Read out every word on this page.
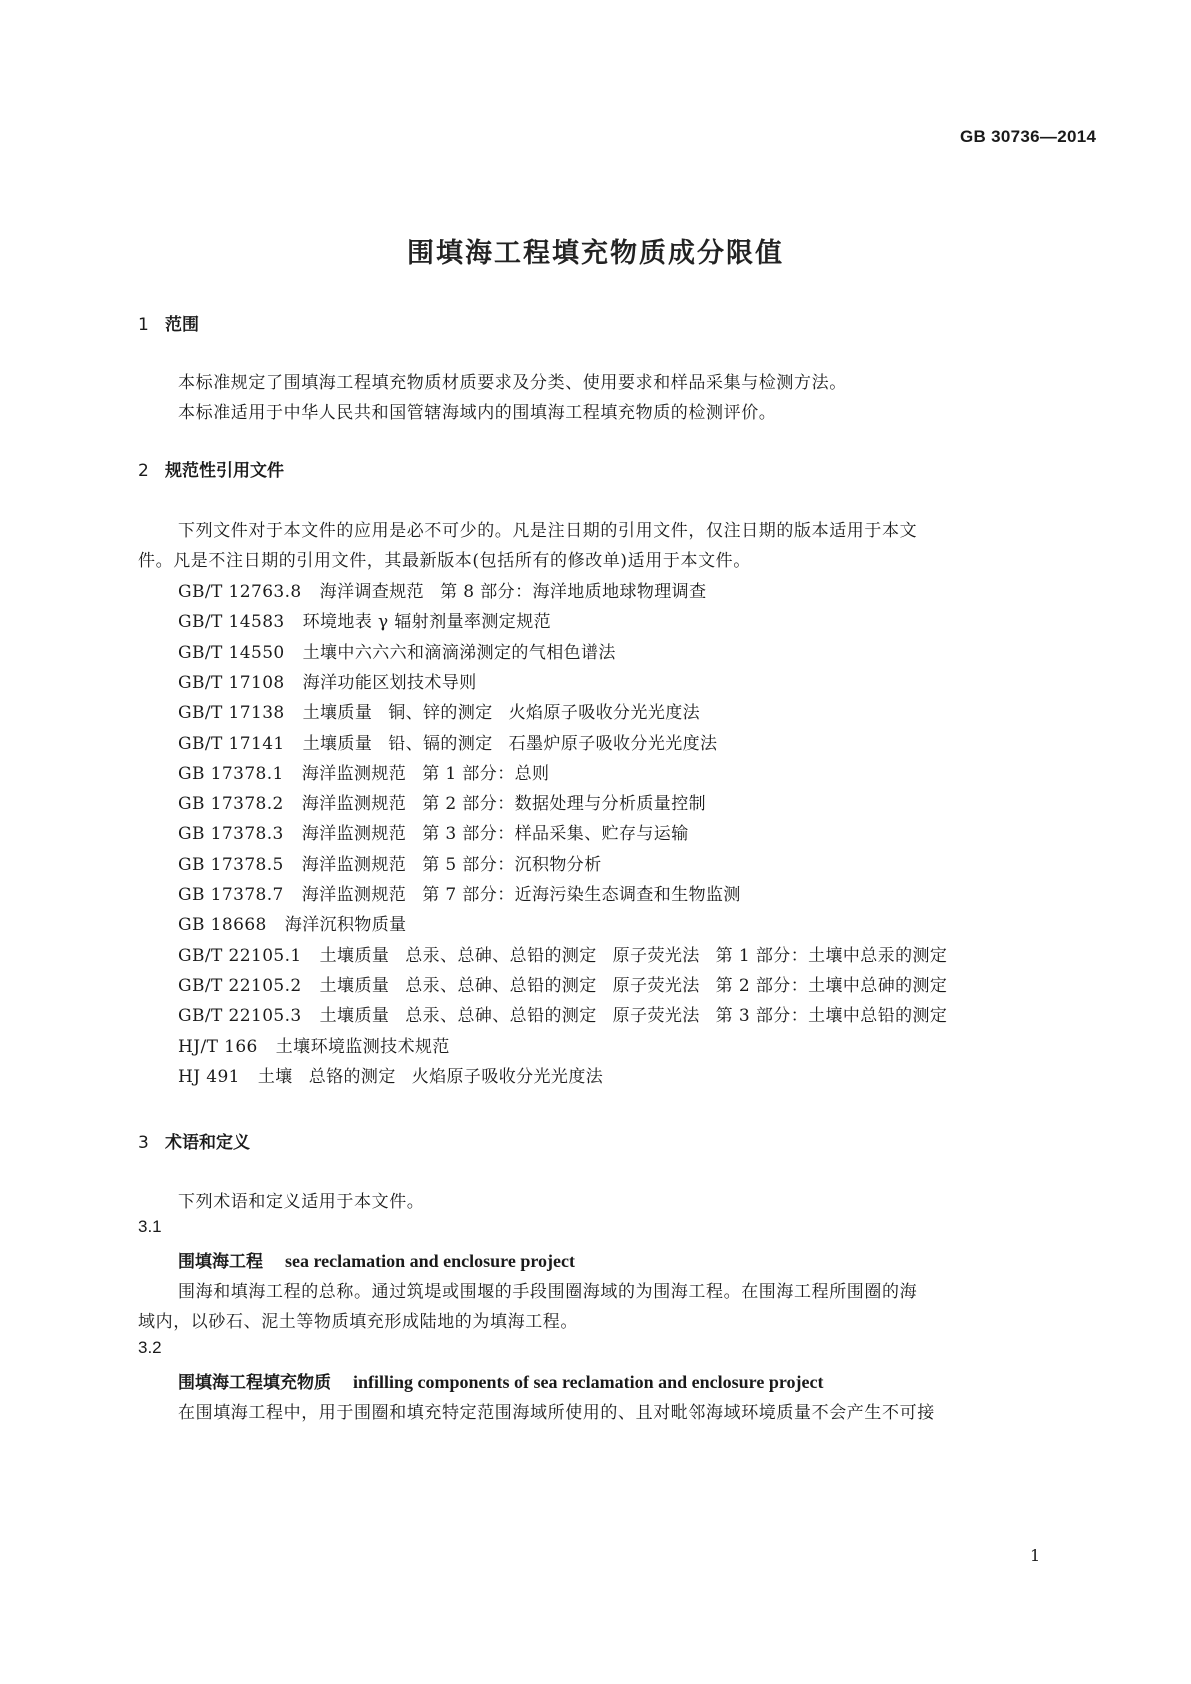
GB 30736—2014
围填海工程填充物质成分限值
1 范围
本标准规定了围填海工程填充物质材质要求及分类、使用要求和样品采集与检测方法。
本标准适用于中华人民共和国管辖海域内的围填海工程填充物质的检测评价。
2 规范性引用文件
下列文件对于本文件的应用是必不可少的。凡是注日期的引用文件，仅注日期的版本适用于本文
件。凡是不注日期的引用文件，其最新版本(包括所有的修改单)适用于本文件。
GB/T 12763.8 海洋调查规范 第 8 部分：海洋地质地球物理调查
GB/T 14583 环境地表 γ 辐射剂量率测定规范
GB/T 14550 土壤中六六六和滴滴涕测定的气相色谱法
GB/T 17108 海洋功能区划技术导则
GB/T 17138 土壤质量 铜、锌的测定 火焰原子吸收分光光度法
GB/T 17141 土壤质量 铅、镉的测定 石墨炉原子吸收分光光度法
GB 17378.1 海洋监测规范 第 1 部分：总则
GB 17378.2 海洋监测规范 第 2 部分：数据处理与分析质量控制
GB 17378.3 海洋监测规范 第 3 部分：样品采集、贮存与运输
GB 17378.5 海洋监测规范 第 5 部分：沉积物分析
GB 17378.7 海洋监测规范 第 7 部分：近海污染生态调查和生物监测
GB 18668 海洋沉积物质量
GB/T 22105.1 土壤质量 总汞、总砷、总铅的测定 原子荧光法 第 1 部分：土壤中总汞的测定
GB/T 22105.2 土壤质量 总汞、总砷、总铅的测定 原子荧光法 第 2 部分：土壤中总砷的测定
GB/T 22105.3 土壤质量 总汞、总砷、总铅的测定 原子荧光法 第 3 部分：土壤中总铅的测定
HJ/T 166 土壤环境监测技术规范
HJ 491 土壤 总铬的测定 火焰原子吸收分光光度法
3 术语和定义
下列术语和定义适用于本文件。
3.1
围填海工程 sea reclamation and enclosure project
围海和填海工程的总称。通过筑堤或围堰的手段围圈海域的为围海工程。在围海工程所围圈的海
域内，以砂石、泥土等物质填充形成陆地的为填海工程。
3.2
围填海工程填充物质 infilling components of sea reclamation and enclosure project
在围填海工程中，用于围圈和填充特定范围海域所使用的、且对毗邻海域环境质量不会产生不可接
1
